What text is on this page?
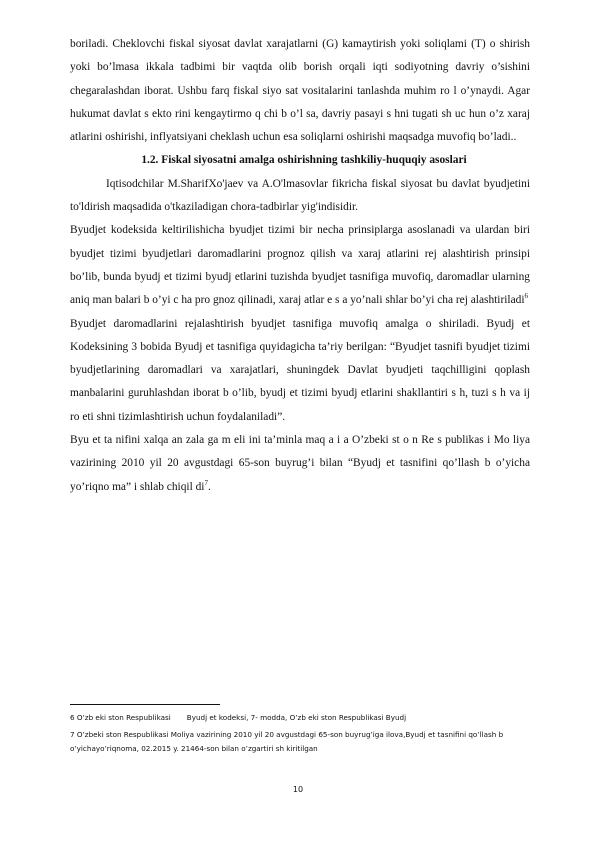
boriladi. Cheklovchi fiskal siyosat davlat xarajatlarni (G) kamaytirish yoki soliqlami (T) o shirish yoki bo’lmasa ikkala tadbimi bir vaqtda olib borish orqali iqti sodiyotning davriy o’sishini chegaralashdan iborat. Ushbu farq fiskal siyo sat vositalarini tanlashda muhim ro l o’ynaydi. Agar hukumat davlat s ekto rini kengaytirmo q chi b o’l sa, davriy pasayi s hni tugati sh uc hun o’z xaraj atlarini oshirishi, inflyatsiyani cheklash uchun esa soliqlarni oshirishi maqsadga muvofiq bo’ladi..

1.2. Fiskal siyosatni amalga oshirishning tashkiliy-huquqiy asoslari

Iqtisodchilar M.SharifXo'jaev va A.O'lmasovlar fikricha fiskal siyosat bu davlat byudjetini to'ldirish maqsadida o'tkaziladigan chora-tadbirlar yig'indisidir.

Byudjet kodeksida keltirilishicha byudjet tizimi bir necha prinsiplarga asoslanadi va ulardan biri byudjet tizimi byudjetlari daromadlarini prognoz qilish va xaraj atlarini rej alashtirish prinsipi bo’lib, bunda byudj et tizimi byudj etlarini tuzishda byudjet tasnifiga muvofiq, daromadlar ularning aniq man balari b o’yi c ha pro gnoz qilinadi, xaraj atlar e s a yo’nali shlar bo’yi cha rej alashtiriladi$^6$

Byudjet daromadlarini rejalashtirish byudjet tasnifiga muvofiq amalga o shiriladi. Byudj et Kodeksining 3 bobida Byudj et tasnifiga quyidagicha ta’riy berilgan: “Byudjet tasnifi byudjet tizimi byudjetlarining daromadlari va xarajatlari, shuningdek Davlat byudjeti taqchilligini qoplash manbalarini guruhlashdan iborat b o’lib, byudj et tizimi byudj etlarini shakllantiri s h, tuzi s h va ij ro eti shni tizimlashtirish uchun foydalaniladi”.

Byu et ta nifini xalqa an zala ga m eli ini ta’minla maq a i a O’zbeki st o n Re s publikas i Mo liya vazirining 2010 yil 20 avgustdagi 65-son buyrug’i bilan “Byudj et tasnifini qo’llash b o’yicha yo’riqno ma” i shlab chiqil $di^7$.

6 O’zb eki ston Respublikasi Byudj et kodeksi, 7- modda, O’zb eki ston Respublikasi Byudj

7 O’zbeki ston Respublikasi Moliya vazirining 2010 yil 20 avgustdagi 65-son buyrug’iga ilova,Byudj et tasnifini qo’llash b o’yichayo’riqnoma, 02.2015 y. 21464-son bilan o’zgartiri sh kiritilgan

10
